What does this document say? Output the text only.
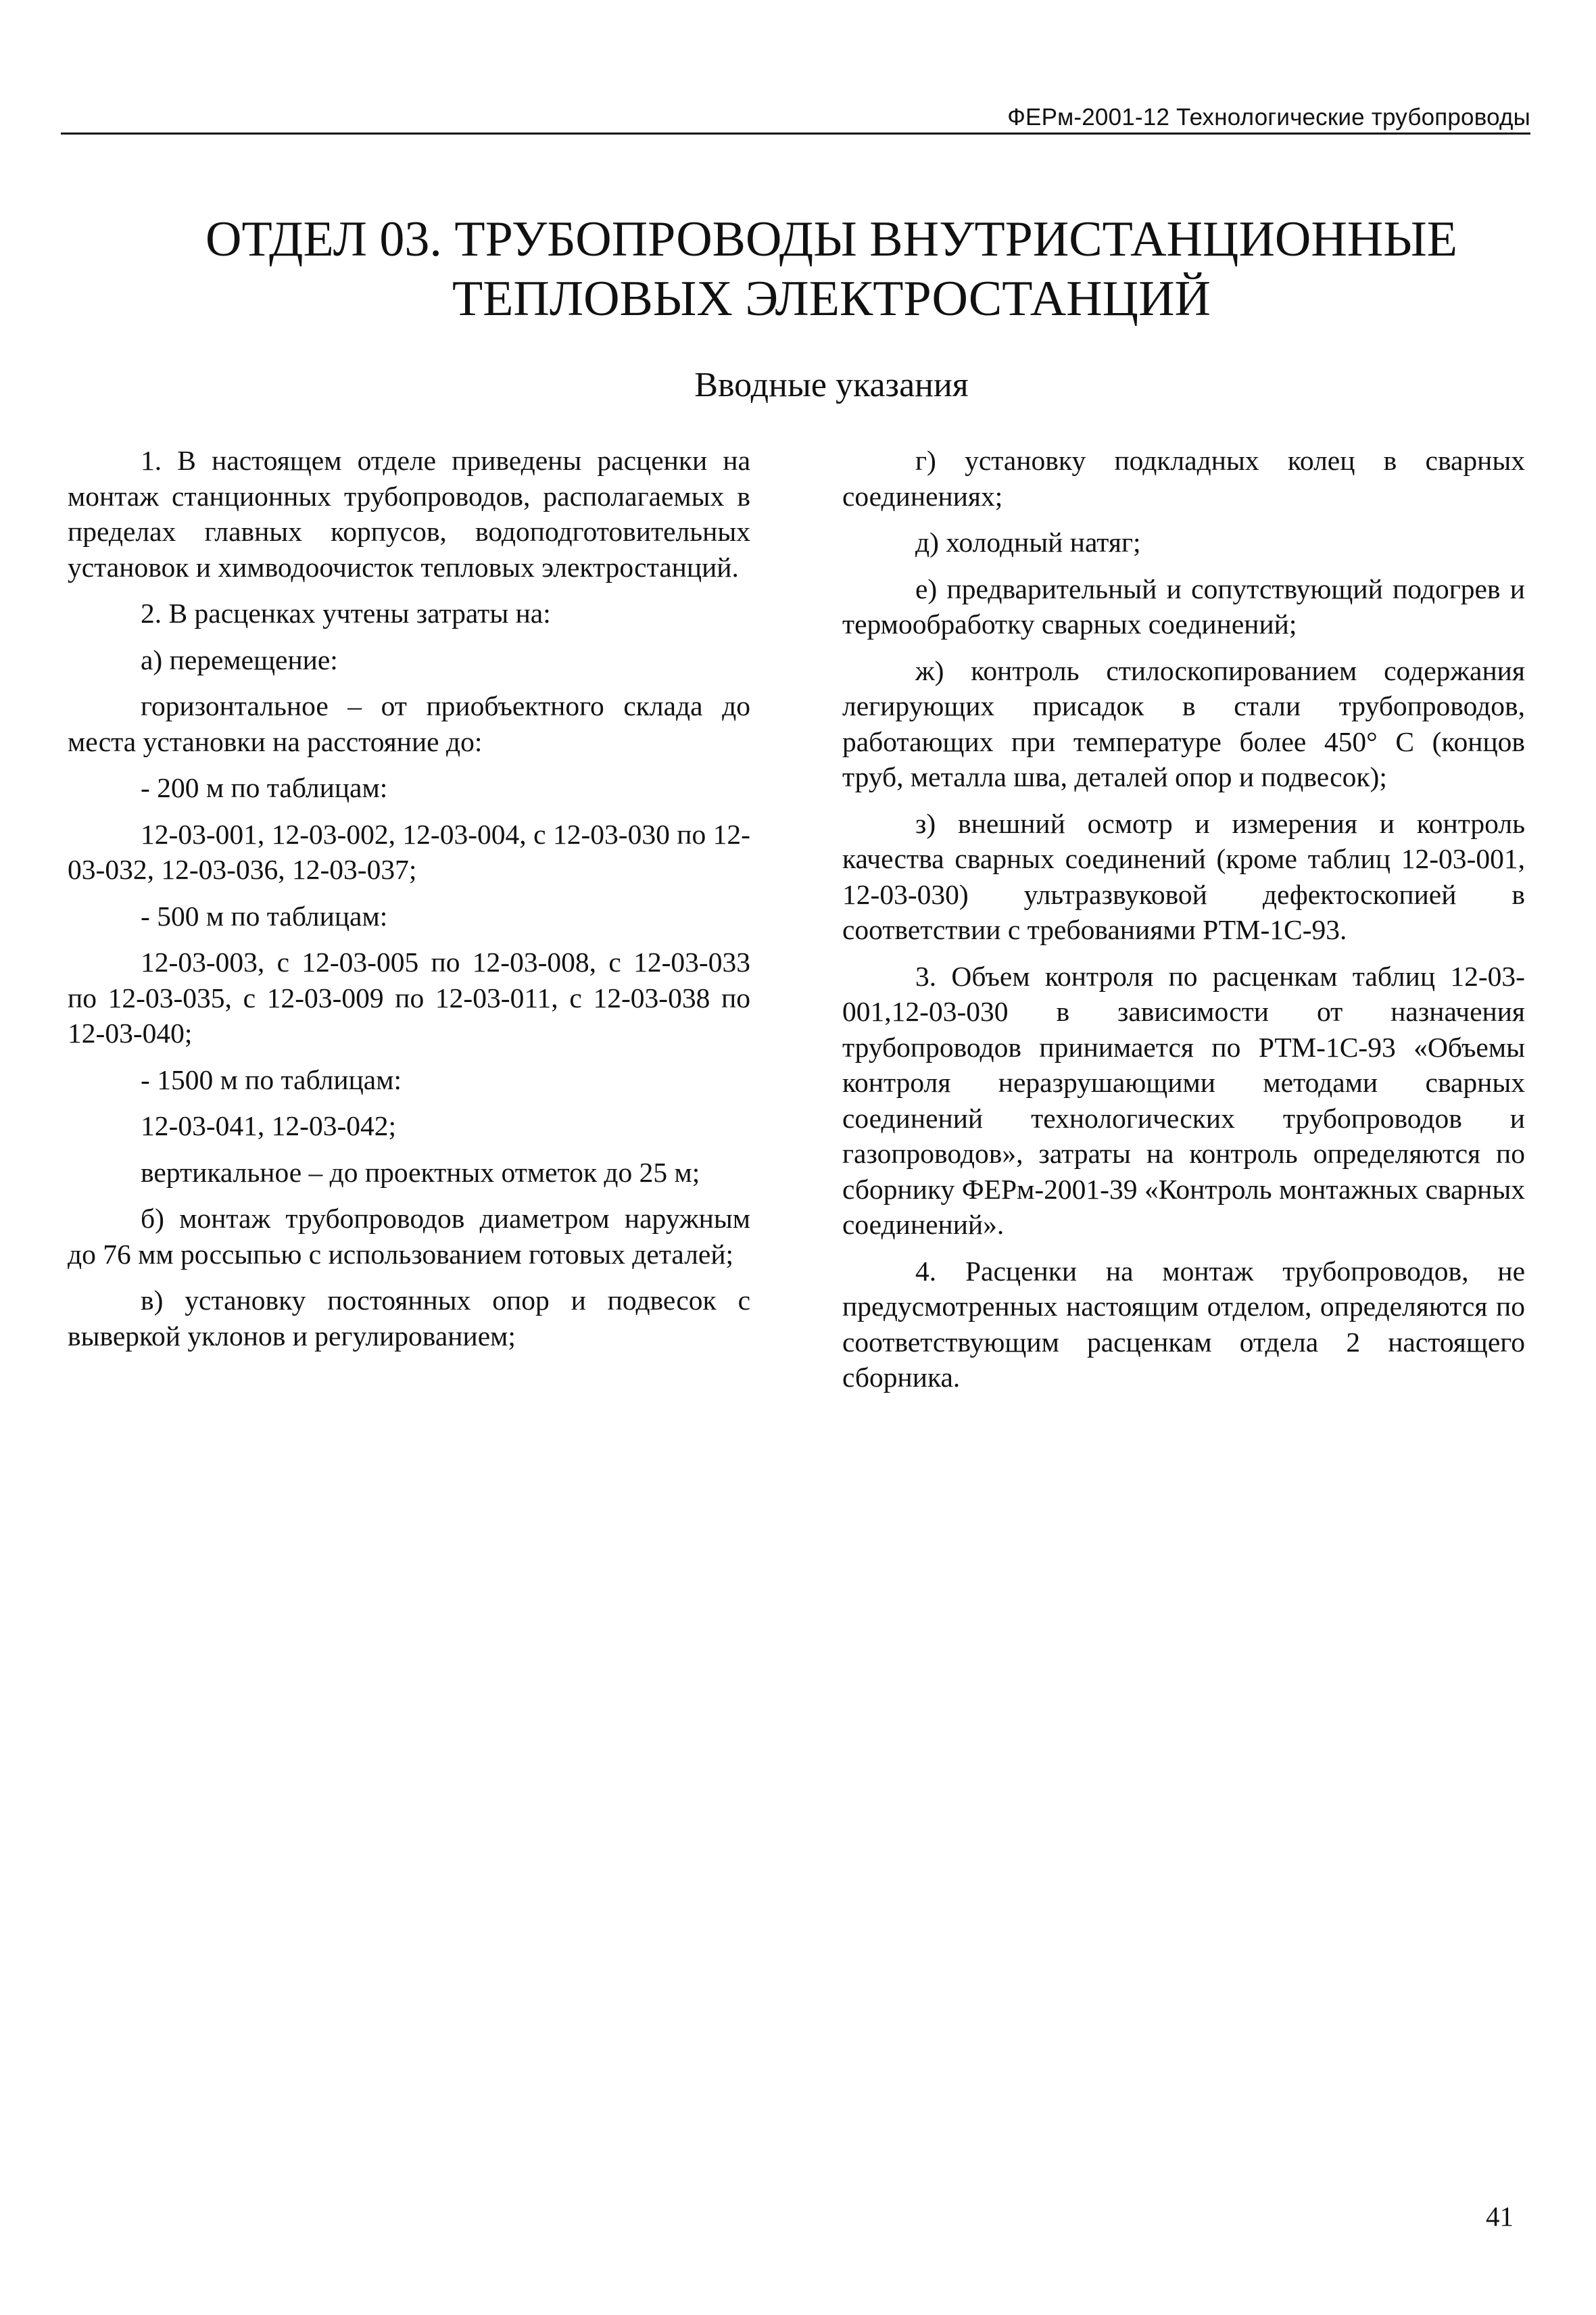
ФЕРм-2001-12 Технологические трубопроводы
ОТДЕЛ 03. ТРУБОПРОВОДЫ ВНУТРИСТАНЦИОННЫЕ
ТЕПЛОВЫХ ЭЛЕКТРОСТАНЦИЙ
Вводные указания

1. В настоящем отделе приведены расценки на монтаж станционных трубопроводов, располагаемых в пределах главных корпусов, водоподготовительных установок и химводоочисток тепловых электростанций.

2. В расценках учтены затраты на:

а) перемещение:

горизонтальное – от приобъектного склада до места установки на расстояние до:

- 200 м по таблицам:

12-03-001, 12-03-002, 12-03-004, с 12-03-030 по 12-03-032, 12-03-036, 12-03-037;

- 500 м по таблицам:

12-03-003, с 12-03-005 по 12-03-008, с 12-03-033 по 12-03-035, с 12-03-009 по 12-03-011, с 12-03-038 по 12-03-040;

- 1500 м по таблицам:

12-03-041, 12-03-042;

вертикальное – до проектных отметок до 25 м;

б) монтаж трубопроводов диаметром наружным до 76 мм россыпью с использованием готовых деталей;

в) установку постоянных опор и подвесок с выверкой уклонов и регулированием;

г) установку подкладных колец в сварных соединениях;

д) холодный натяг;

е) предварительный и сопутствующий подогрев и термообработку сварных соединений;

ж) контроль стилоскопированием содержания легирующих присадок в стали трубопроводов, работающих при температуре более 450° С (концов труб, металла шва, деталей опор и подвесок);

з) внешний осмотр и измерения и контроль качества сварных соединений (кроме таблиц 12-03-001, 12-03-030) ультразвуковой дефектоскопией в соответствии с требованиями РТМ-1С-93.

3. Объем контроля по расценкам таблиц 12-03-001,12-03-030 в зависимости от назначения трубопроводов принимается по РТМ-1С-93 «Объемы контроля неразрушающими методами сварных соединений технологических трубопроводов и газопроводов», затраты на контроль определяются по сборнику ФЕРм-2001-39 «Контроль монтажных сварных соединений».

4. Расценки на монтаж трубопроводов, не предусмотренных настоящим отделом, определяются по соответствующим расценкам отдела 2 настоящего сборника.

41
